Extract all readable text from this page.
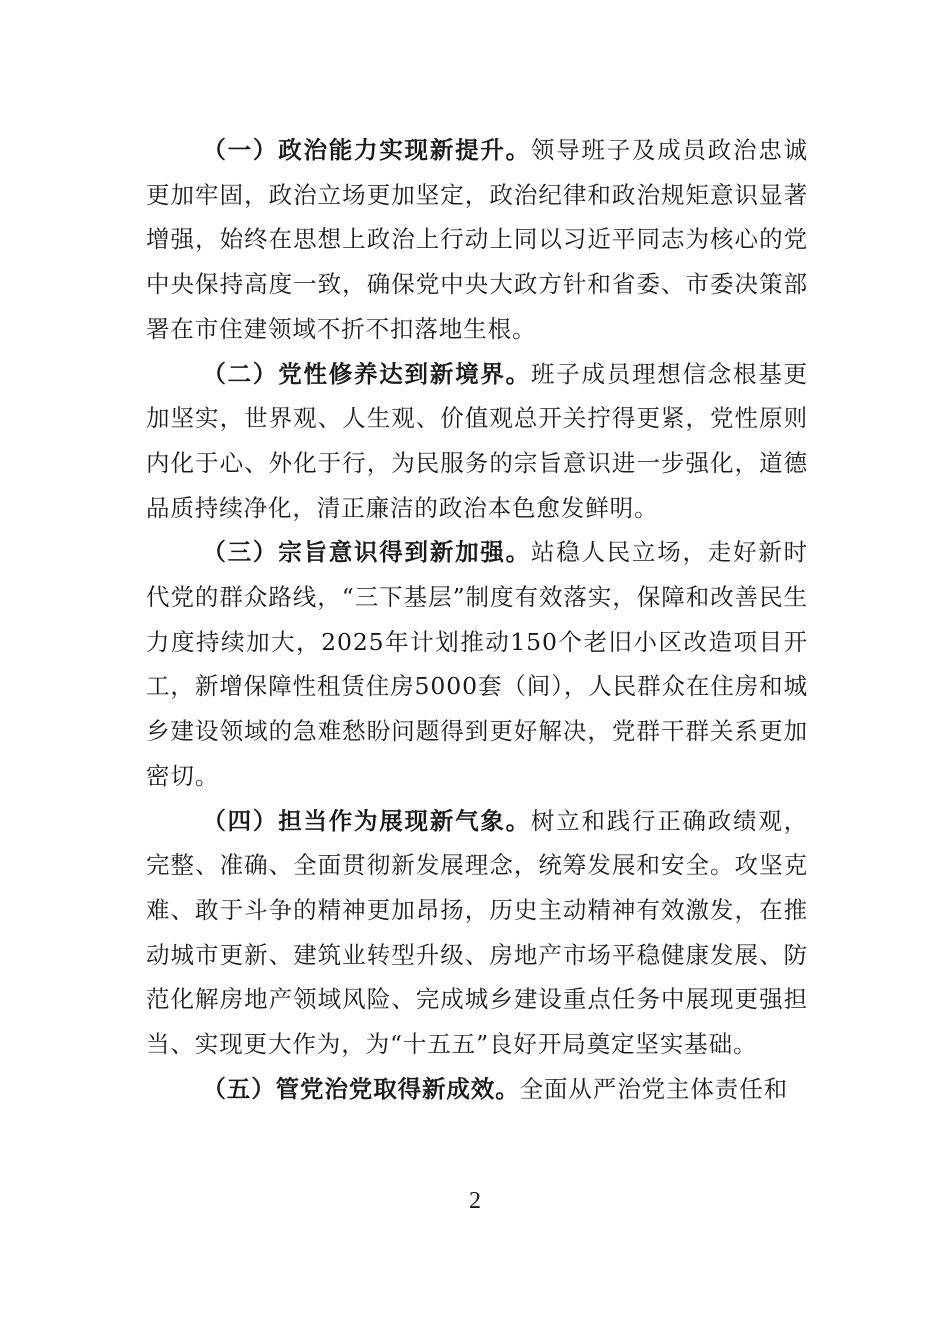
（一）政治能力实现新提升。领导班子及成员政治忠诚更加牢固，政治立场更加坚定，政治纪律和政治规矩意识显著增强，始终在思想上政治上行动上同以习近平同志为核心的党中央保持高度一致，确保党中央大政方针和省委、市委决策部署在市住建领域不折不扣落地生根。

（二）党性修养达到新境界。班子成员理想信念根基更加坚实，世界观、人生观、价值观总开关拧得更紧，党性原则内化于心、外化于行，为民服务的宗旨意识进一步强化，道德品质持续净化，清正廉洁的政治本色愈发鲜明。

（三）宗旨意识得到新加强。站稳人民立场，走好新时代党的群众路线，“三下基层”制度有效落实，保障和改善民生力度持续加大，2025年计划推动150个老旧小区改造项目开工，新增保障性租赁住房5000套（间），人民群众在住房和城乡建设领域的急难愁盼问题得到更好解决，党群干群关系更加密切。

（四）担当作为展现新气象。树立和践行正确政绩观，完整、准确、全面贯彻新发展理念，统筹发展和安全。攻坚克难、敢于斗争的精神更加昂扬，历史主动精神有效激发，在推动城市更新、建筑业转型升级、房地产市场平稳健康发展、防范化解房地产领域风险、完成城乡建设重点任务中展现更强担当、实现更大作为，为“十五五”良好开局奠定坚实基础。

（五）管党治党取得新成效。全面从严治党主体责任和

2
